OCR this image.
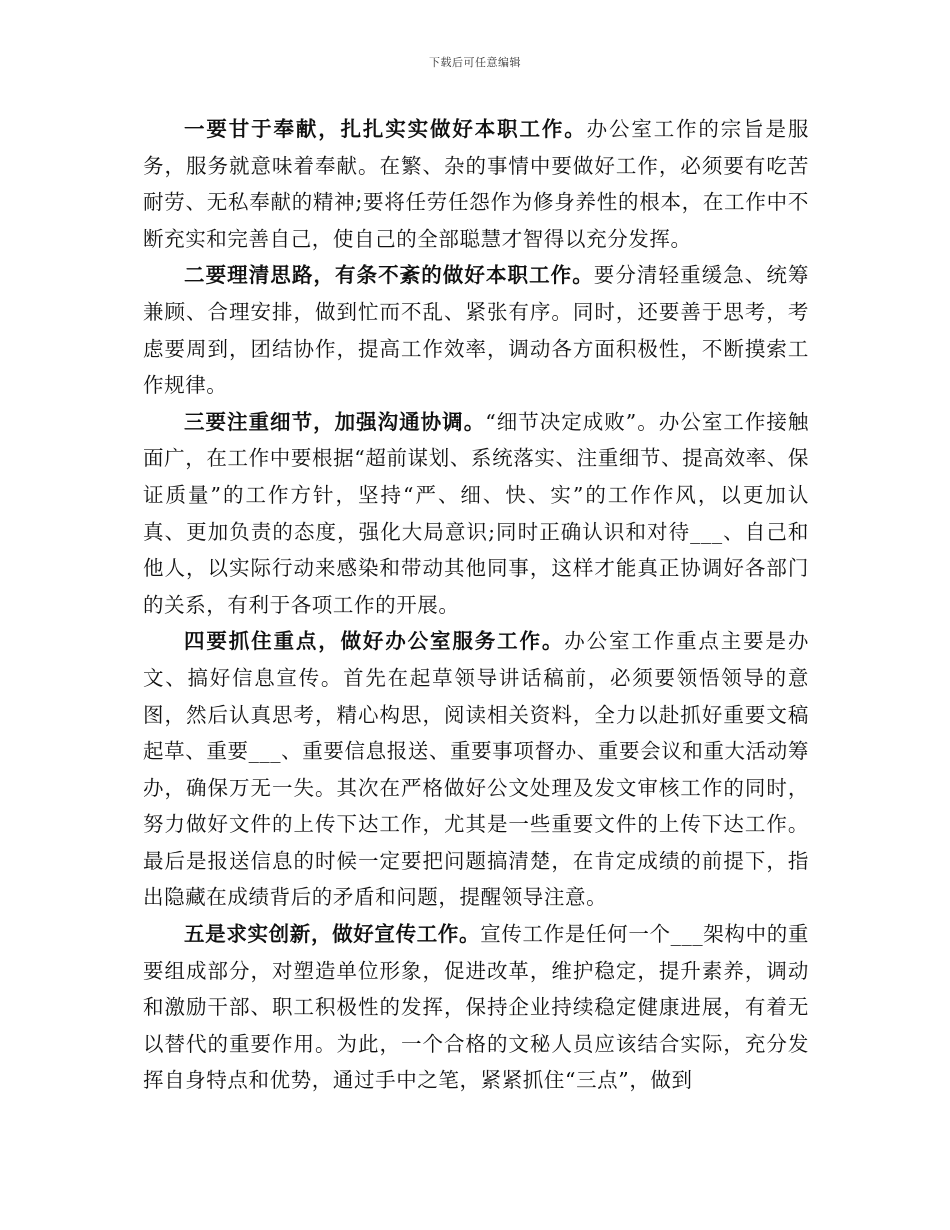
下载后可任意编辑

一要甘于奉献，扎扎实实做好本职工作。办公室工作的宗旨是服务，服务就意味着奉献。在繁、杂的事情中要做好工作，必须要有吃苦耐劳、无私奉献的精神;要将任劳任怨作为修身养性的根本，在工作中不断充实和完善自己，使自己的全部聪慧才智得以充分发挥。

二要理清思路，有条不紊的做好本职工作。要分清轻重缓急、统筹兼顾、合理安排，做到忙而不乱、紧张有序。同时，还要善于思考，考虑要周到，团结协作，提高工作效率，调动各方面积极性，不断摸索工作规律。

三要注重细节，加强沟通协调。“细节决定成败”。办公室工作接触面广，在工作中要根据“超前谋划、系统落实、注重细节、提高效率、保证质量”的工作方针，坚持“严、细、快、实”的工作作风，以更加认真、更加负责的态度，强化大局意识;同时正确认识和对待___、自己和他人，以实际行动来感染和带动其他同事，这样才能真正协调好各部门的关系，有利于各项工作的开展。

四要抓住重点，做好办公室服务工作。办公室工作重点主要是办文、搞好信息宣传。首先在起草领导讲话稿前，必须要领悟领导的意图，然后认真思考，精心构思，阅读相关资料，全力以赴抓好重要文稿起草、重要___、重要信息报送、重要事项督办、重要会议和重大活动筹办，确保万无一失。其次在严格做好公文处理及发文审核工作的同时，努力做好文件的上传下达工作，尤其是一些重要文件的上传下达工作。最后是报送信息的时候一定要把问题搞清楚，在肯定成绩的前提下，指出隐藏在成绩背后的矛盾和问题，提醒领导注意。

五是求实创新，做好宣传工作。宣传工作是任何一个___架构中的重要组成部分，对塑造单位形象，促进改革，维护稳定，提升素养，调动和激励干部、职工积极性的发挥，保持企业持续稳定健康进展，有着无以替代的重要作用。为此，一个合格的文秘人员应该结合实际，充分发挥自身特点和优势，通过手中之笔，紧紧抓住“三点”，做到
